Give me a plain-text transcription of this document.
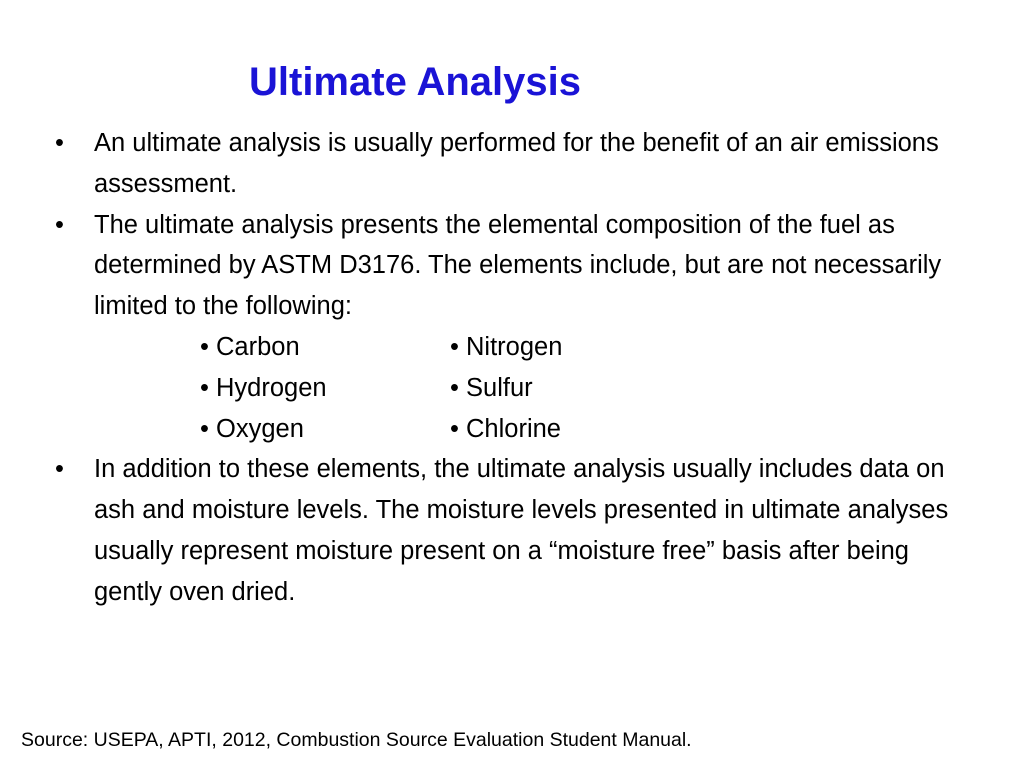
Ultimate Analysis
•	An ultimate analysis is usually performed for the benefit of an air emissions assessment.
•	The ultimate analysis presents the elemental composition of the fuel as determined by ASTM D3176. The elements include, but are not necessarily limited to the following:
• Carbon	• Nitrogen
• Hydrogen	• Sulfur
• Oxygen	• Chlorine
•	In addition to these elements, the ultimate analysis usually includes data on ash and moisture levels. The moisture levels presented in ultimate analyses usually represent moisture present on a “moisture free” basis after being gently oven dried.

Source: USEPA, APTI, 2012, Combustion Source Evaluation Student Manual.
